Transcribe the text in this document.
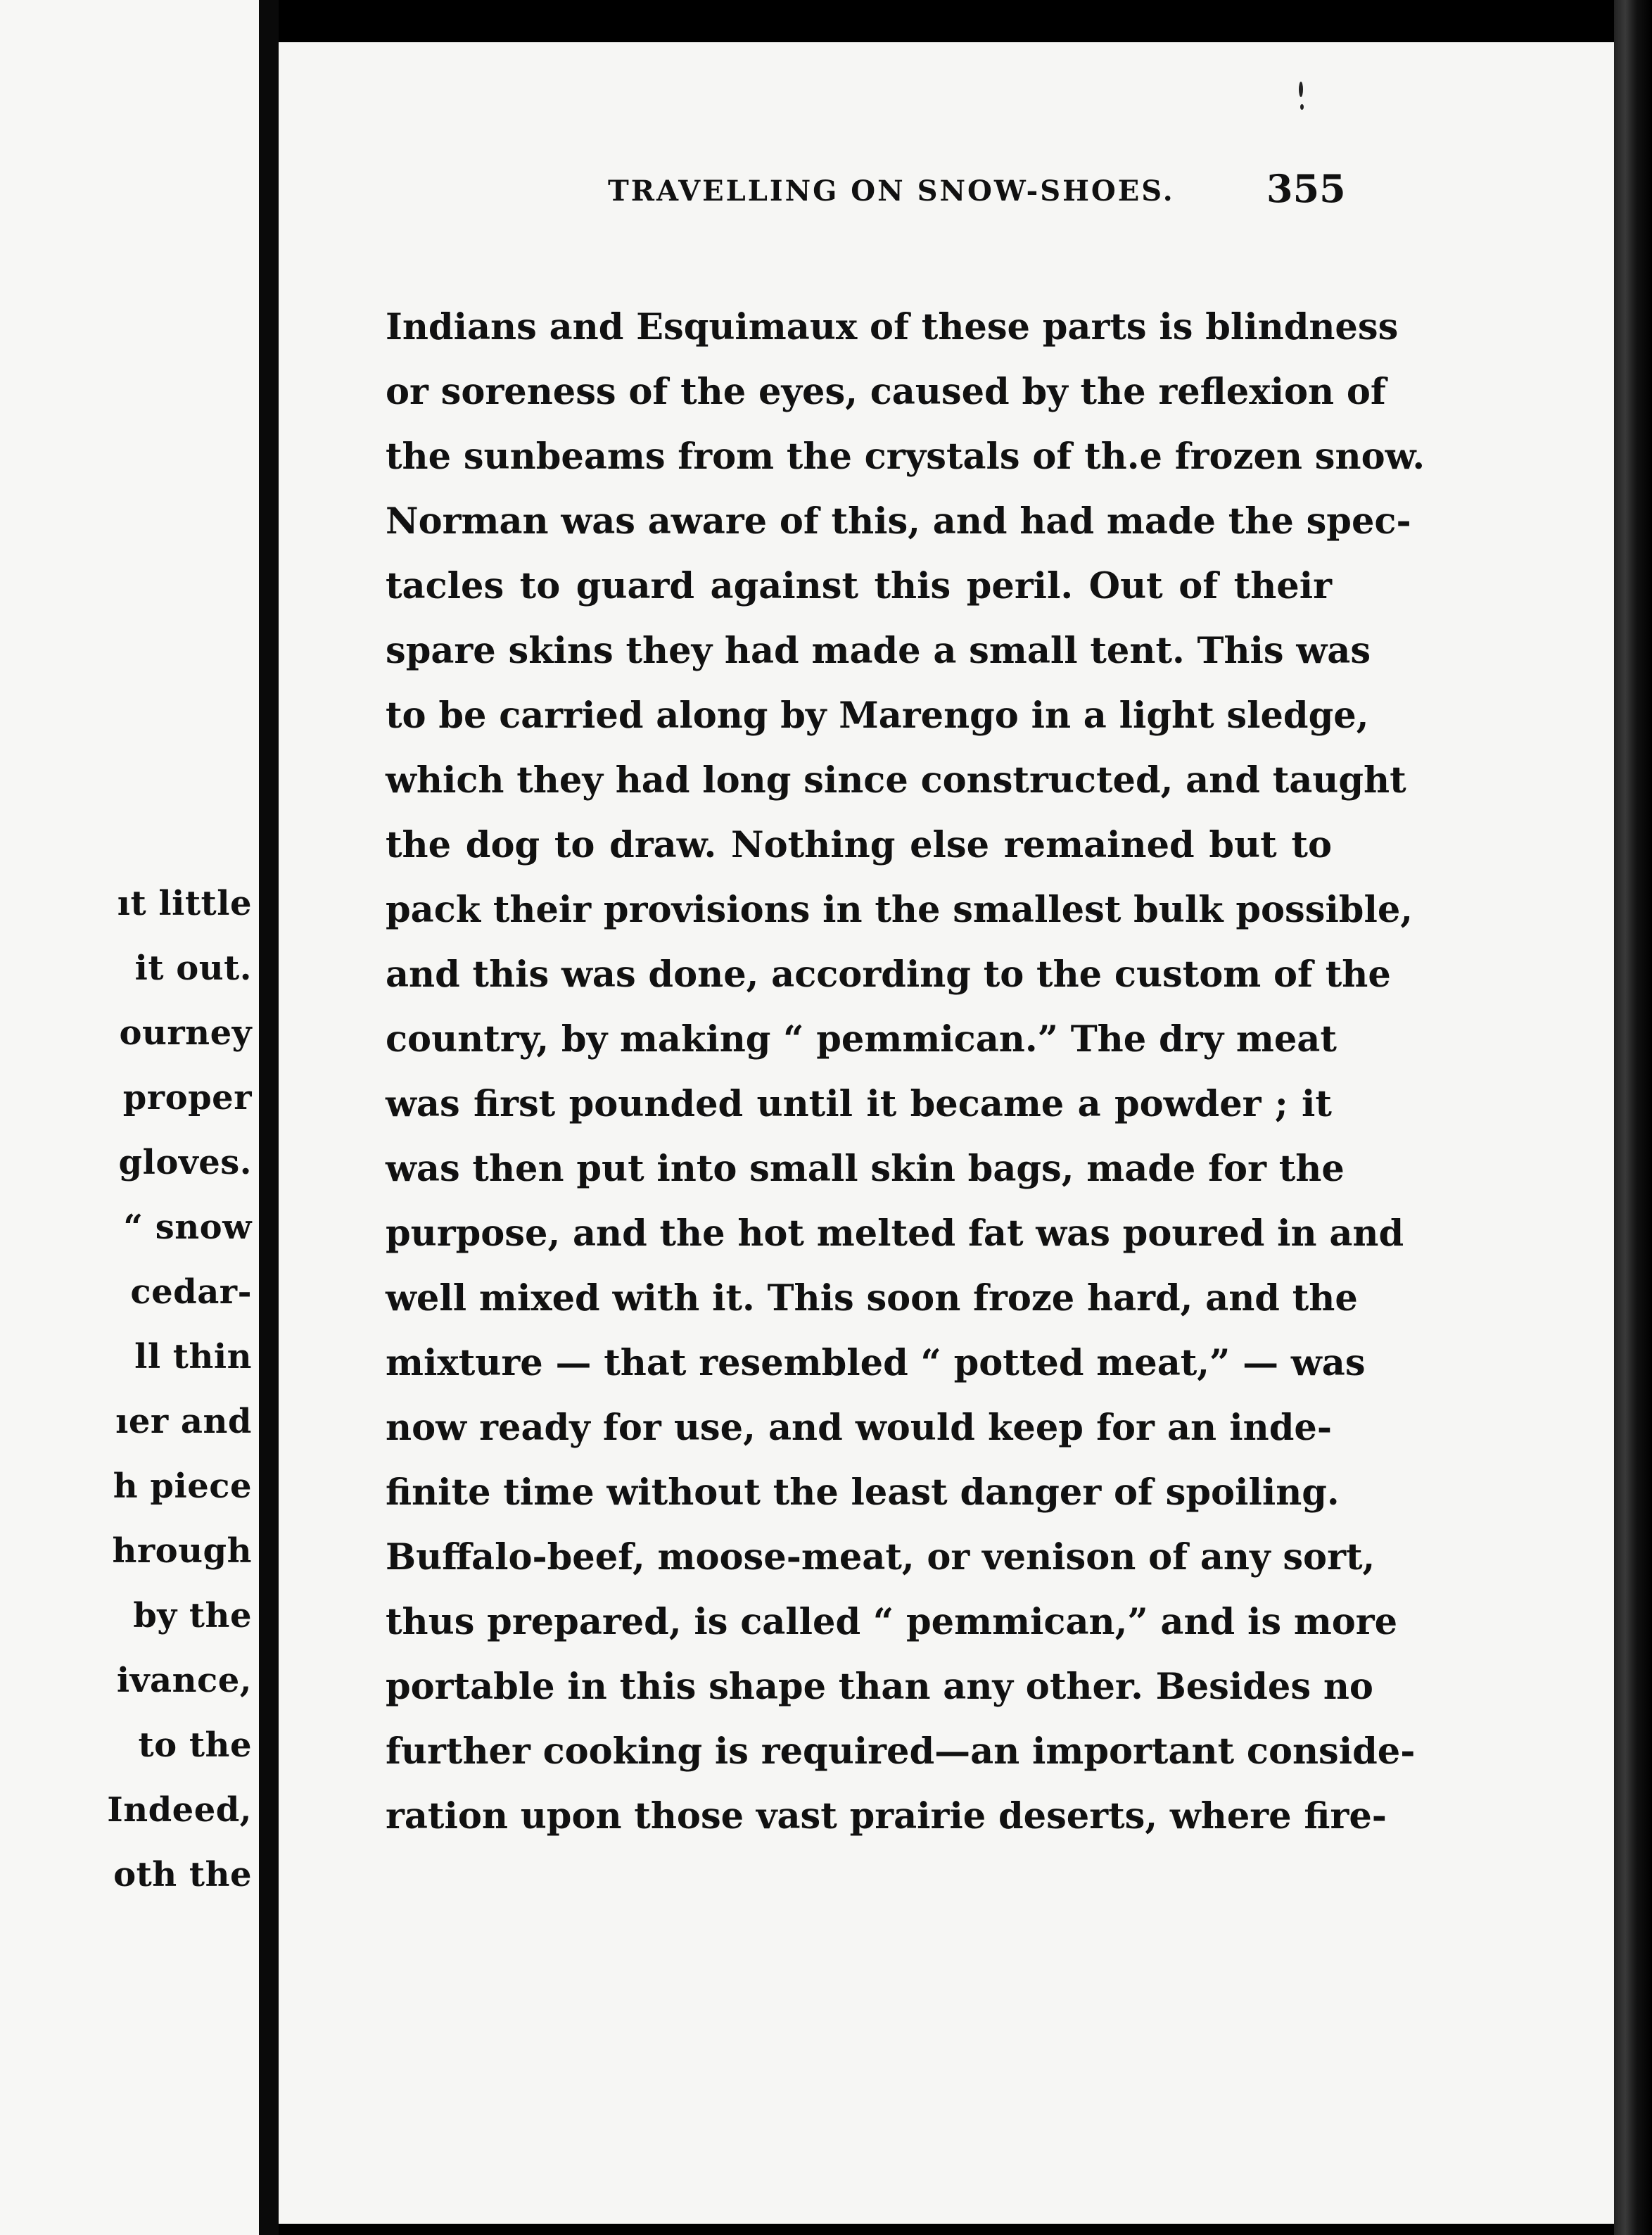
ıt little
it out.
ourney
proper
gloves.
“ snow
cedar-
ll thin
ıer and
h piece
hrough
by the
ivance,
to the
Indeed,
oth the
TRAVELLING ON SNOW-SHOES. 355
Indians and Esquimaux of these parts is blindness
or soreness of the eyes, caused by the reflexion of
the sunbeams from the crystals of th.e frozen snow.
Norman was aware of this, and had made the spec-
tacles to guard against this peril. Out of their
spare skins they had made a small tent. This was
to be carried along by Marengo in a light sledge,
which they had long since constructed, and taught
the dog to draw. Nothing else remained but to
pack their provisions in the smallest bulk possible,
and this was done, according to the custom of the
country, by making “ pemmican.” The dry meat
was first pounded until it became a powder ; it
was then put into small skin bags, made for the
purpose, and the hot melted fat was poured in and
well mixed with it. This soon froze hard, and the
mixture — that resembled “ potted meat,” — was
now ready for use, and would keep for an inde-
finite time without the least danger of spoiling.
Buffalo-beef, moose-meat, or venison of any sort,
thus prepared, is called “ pemmican,” and is more
portable in this shape than any other. Besides no
further cooking is required—an important conside-
ration upon those vast prairie deserts, where fire-
